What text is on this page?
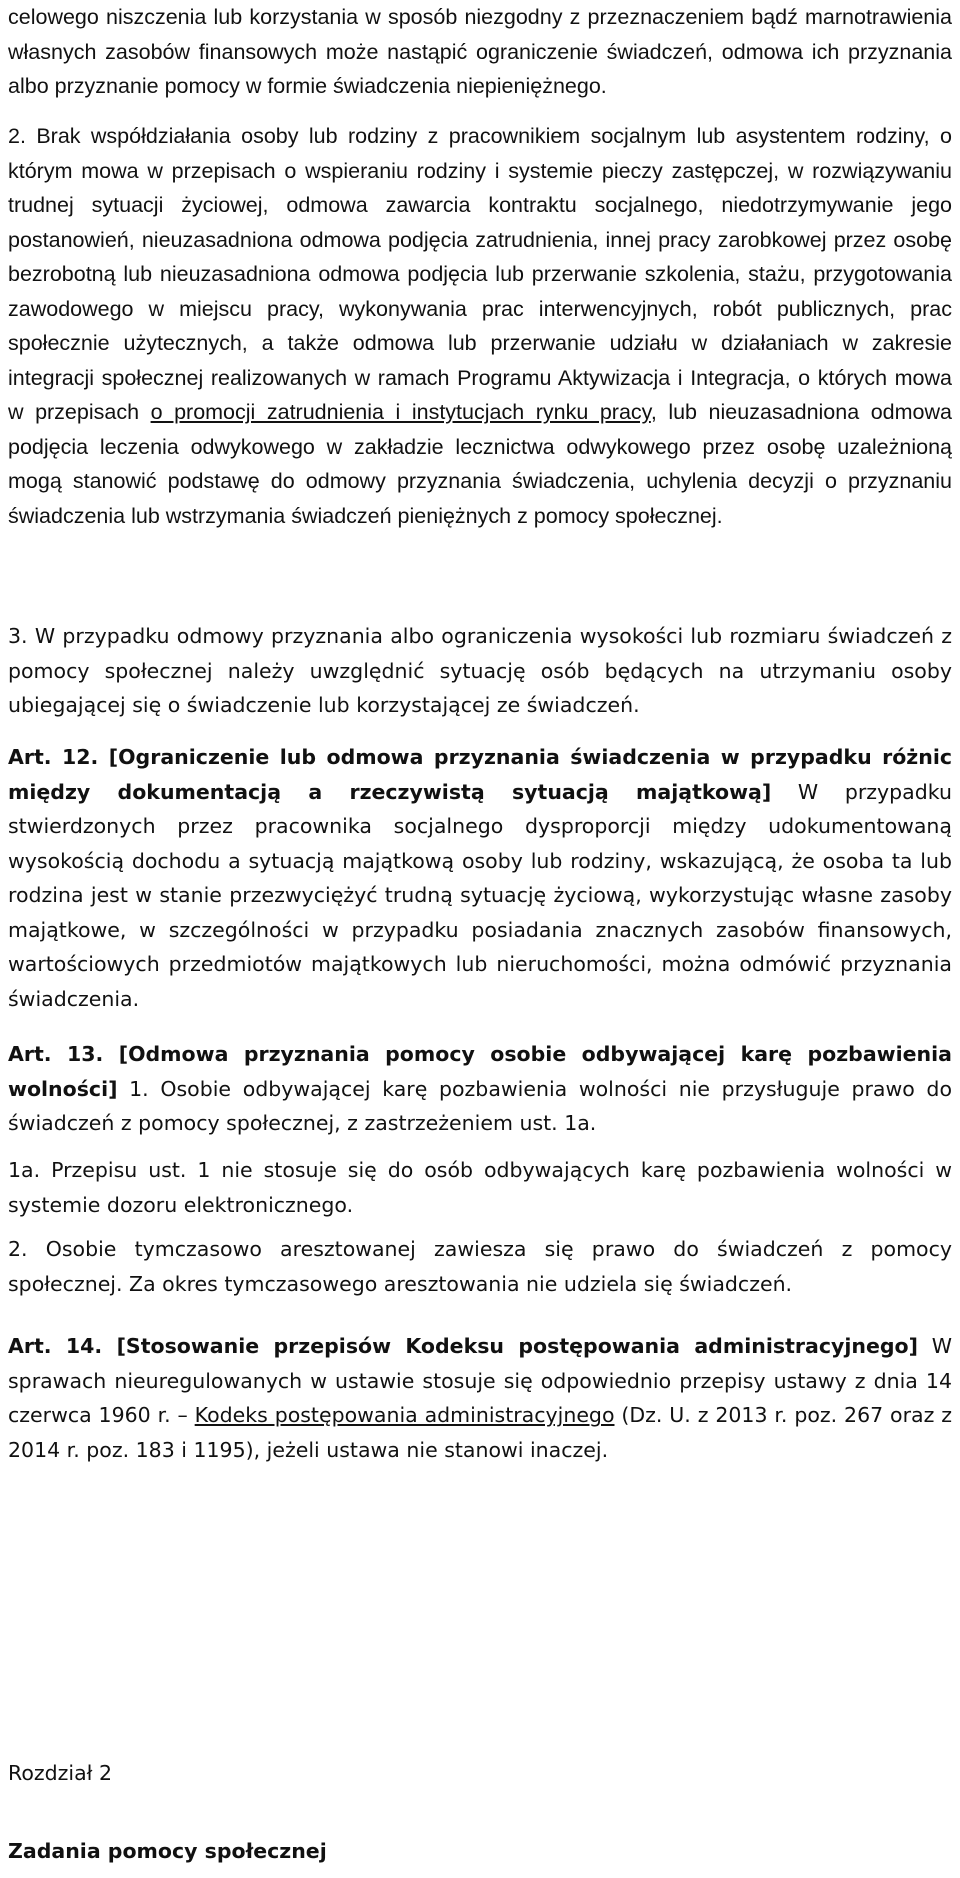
celowego niszczenia lub korzystania w sposób niezgodny z przeznaczeniem bądź marnotrawienia własnych zasobów finansowych może nastąpić ograniczenie świadczeń, odmowa ich przyznania albo przyznanie pomocy w formie świadczenia niepieniężnego.

2. Brak współdziałania osoby lub rodziny z pracownikiem socjalnym lub asystentem rodziny, o którym mowa w przepisach o wspieraniu rodziny i systemie pieczy zastępczej, w rozwiązywaniu trudnej sytuacji życiowej, odmowa zawarcia kontraktu socjalnego, niedotrzymywanie jego postanowień, nieuzasadniona odmowa podjęcia zatrudnienia, innej pracy zarobkowej przez osobę bezrobotną lub nieuzasadniona odmowa podjęcia lub przerwanie szkolenia, stażu, przygotowania zawodowego w miejscu pracy, wykonywania prac interwencyjnych, robót publicznych, prac społecznie użytecznych, a także odmowa lub przerwanie udziału w działaniach w zakresie integracji społecznej realizowanych w ramach Programu Aktywizacja i Integracja, o których mowa w przepisach o promocji zatrudnienia i instytucjach rynku pracy, lub nieuzasadniona odmowa podjęcia leczenia odwykowego w zakładzie lecznictwa odwykowego przez osobę uzależnioną mogą stanowić podstawę do odmowy przyznania świadczenia, uchylenia decyzji o przyznaniu świadczenia lub wstrzymania świadczeń pieniężnych z pomocy społecznej.

3. W przypadku odmowy przyznania albo ograniczenia wysokości lub rozmiaru świadczeń z pomocy społecznej należy uwzględnić sytuację osób będących na utrzymaniu osoby ubiegającej się o świadczenie lub korzystającej ze świadczeń.

Art. 12. [Ograniczenie lub odmowa przyznania świadczenia w przypadku różnic między dokumentacją a rzeczywistą sytuacją majątkową] W przypadku stwierdzonych przez pracownika socjalnego dysproporcji między udokumentowaną wysokością dochodu a sytuacją majątkową osoby lub rodziny, wskazującą, że osoba ta lub rodzina jest w stanie przezwyciężyć trudną sytuację życiową, wykorzystując własne zasoby majątkowe, w szczególności w przypadku posiadania znacznych zasobów finansowych, wartościowych przedmiotów majątkowych lub nieruchomości, można odmówić przyznania świadczenia.

Art. 13. [Odmowa przyznania pomocy osobie odbywającej karę pozbawienia wolności] 1. Osobie odbywającej karę pozbawienia wolności nie przysługuje prawo do świadczeń z pomocy społecznej, z zastrzeżeniem ust. 1a.

1a. Przepisu ust. 1 nie stosuje się do osób odbywających karę pozbawienia wolności w systemie dozoru elektronicznego.

2. Osobie tymczasowo aresztowanej zawiesza się prawo do świadczeń z pomocy społecznej. Za okres tymczasowego aresztowania nie udziela się świadczeń.

Art. 14. [Stosowanie przepisów Kodeksu postępowania administracyjnego] W sprawach nieuregulowanych w ustawie stosuje się odpowiednio przepisy ustawy z dnia 14 czerwca 1960 r. – Kodeks postępowania administracyjnego (Dz. U. z 2013 r. poz. 267 oraz z 2014 r. poz. 183 i 1195), jeżeli ustawa nie stanowi inaczej.

Rozdział 2

Zadania pomocy społecznej
